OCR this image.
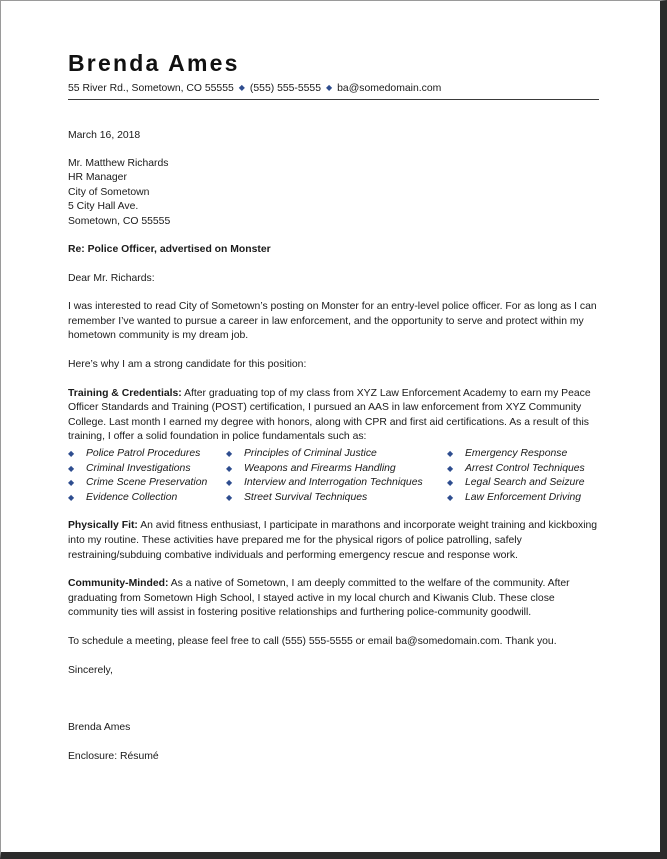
Brenda Ames
55 River Rd., Sometown, CO 55555 ◆ (555) 555-5555 ◆ ba@somedomain.com
March 16, 2018
Mr. Matthew Richards
HR Manager
City of Sometown
5 City Hall Ave.
Sometown, CO 55555
Re: Police Officer, advertised on Monster
Dear Mr. Richards:

I was interested to read City of Sometown’s posting on Monster for an entry-level police officer. For as long as I can remember I’ve wanted to pursue a career in law enforcement, and the opportunity to serve and protect within my hometown community is my dream job.

Here’s why I am a strong candidate for this position:

Training & Credentials: After graduating top of my class from XYZ Law Enforcement Academy to earn my Peace Officer Standards and Training (POST) certification, I pursued an AAS in law enforcement from XYZ Community College. Last month I earned my degree with honors, along with CPR and first aid certifications. As a result of this training, I offer a solid foundation in police fundamentals such as:

◆	Police Patrol Procedures	◆	Principles of Criminal Justice	◆	Emergency Response
◆	Criminal Investigations	◆	Weapons and Firearms Handling	◆	Arrest Control Techniques
◆	Crime Scene Preservation ◆	Interview and Interrogation Techniques	◆	Legal Search and Seizure
◆	Evidence Collection	◆	Street Survival Techniques	◆	Law Enforcement Driving

Physically Fit: An avid fitness enthusiast, I participate in marathons and incorporate weight training and kickboxing into my routine. These activities have prepared me for the physical rigors of police patrolling, safely restraining/subduing combative individuals and performing emergency rescue and response work.

Community-Minded: As a native of Sometown, I am deeply committed to the welfare of the community. After graduating from Sometown High School, I stayed active in my local church and Kiwanis Club. These close community ties will assist in fostering positive relationships and furthering police-community goodwill.

To schedule a meeting, please feel free to call (555) 555-5555 or email ba@somedomain.com. Thank you.

Sincerely,
Brenda Ames
Enclosure: Résumé
